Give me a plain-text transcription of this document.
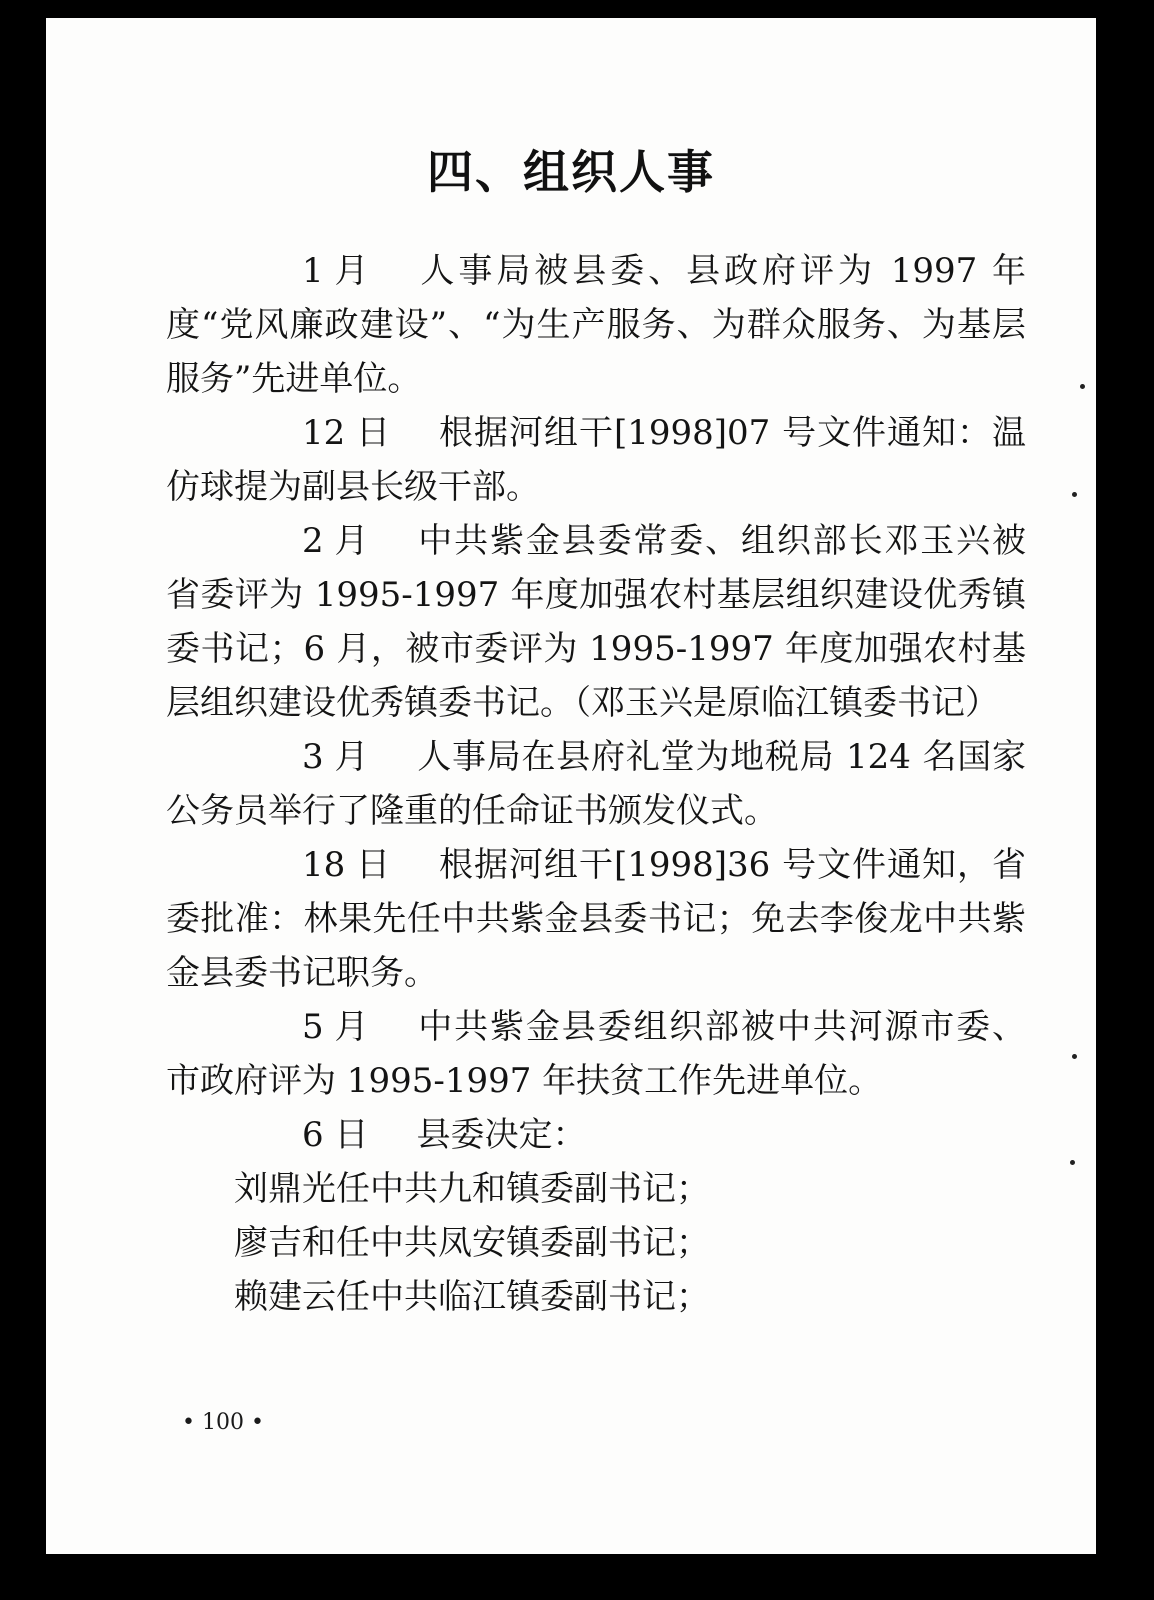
四、组织人事

1 月 人事局被县委、县政府评为 1997 年度“党风廉政建设”、“为生产服务、为群众服务、为基层服务”先进单位。

12 日 根据河组干[1998]07 号文件通知：温仿球提为副县长级干部。

2 月 中共紫金县委常委、组织部长邓玉兴被省委评为 1995-1997 年度加强农村基层组织建设优秀镇委书记；6 月，被市委评为 1995-1997 年度加强农村基层组织建设优秀镇委书记。（邓玉兴是原临江镇委书记）

3 月 人事局在县府礼堂为地税局 124 名国家公务员举行了隆重的任命证书颁发仪式。

18 日 根据河组干[1998]36 号文件通知，省委批准：林果先任中共紫金县委书记；免去李俊龙中共紫金县委书记职务。

5 月 中共紫金县委组织部被中共河源市委、市政府评为 1995-1997 年扶贫工作先进单位。

6 日 县委决定：

刘鼎光任中共九和镇委副书记；

廖吉和任中共凤安镇委副书记；

赖建云任中共临江镇委副书记；

• 100 •
